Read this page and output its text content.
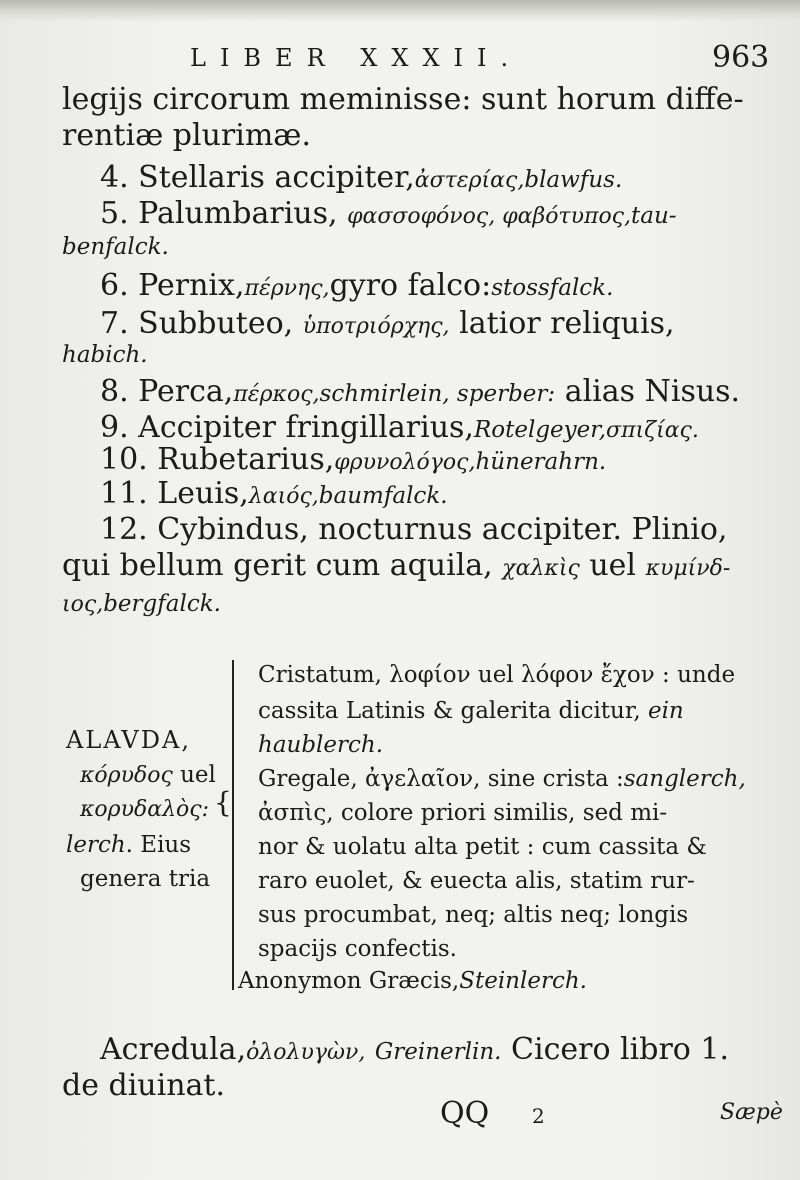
LIBER XXXII.	963
legijs circorum meminisse: sunt horum diffe-
rentiæ plurimæ.
4. Stellaris accipiter,ἀστερίας,blawfus.
5. Palumbarius, φασσοφόνος, φαβότυπος,tau-
benfalck.
6. Pernix,πέρνης,gyro falco:stossfalck.
7. Subbuteo, ὑποτριόρχης, latior reliquis,
habich.
8. Perca,πέρκος,schmirlein, sperber: alias Nisus.
9. Accipiter fringillarius,Rotelgeyer,σπιζίας.
10. Rubetarius,φρυνολόγος,hünerahrn.
11. Leuis,λαιός,baumfalck.
12. Cybindus, nocturnus accipiter. Plinio,
qui bellum gerit cum aquila, χαλκὶς uel κυμίνδ-
ιος,bergfalck.
ALAVDA,
κόρυδος uel
κορυδαλὸς:
lerch. Eius
genera tria
{
Cristatum, λοφίον uel λόφον ἔχον : unde
cassita Latinis & galerita dicitur, ein
haublerch.
Gregale, ἀγελαῖον, sine crista :sanglerch,
ἀσπὶς, colore priori similis, sed mi-
nor & uolatu alta petit : cum cassita &
raro euolet, & euecta alis, statim rur-
sus procumbat, neq; altis neq; longis
spacijs confectis.
Anonymon Græcis,Steinlerch.
Acredula,ὀλολυγὼν, Greinerlin. Cicero libro 1.
de diuinat.
QQ 2	Sæpè
